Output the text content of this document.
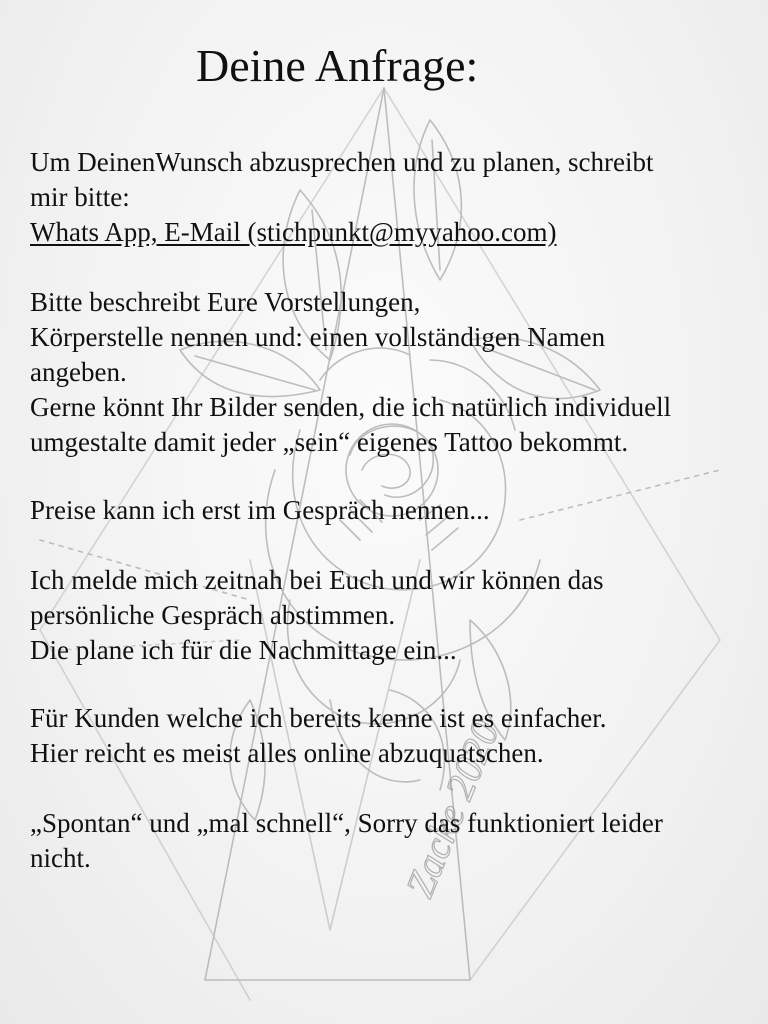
Zacke 2020
Deine Anfrage:

Um DeinenWunsch abzusprechen und zu planen, schreibt
mir bitte:
Whats App, E-Mail (stichpunkt@myyahoo.com)

Bitte beschreibt Eure Vorstellungen,
Körperstelle nennen und: einen vollständigen Namen
angeben.
Gerne könnt Ihr Bilder senden, die ich natürlich individuell
umgestalte damit jeder „sein“ eigenes Tattoo bekommt.

Preise kann ich erst im Gespräch nennen...

Ich melde mich zeitnah bei Euch und wir können das
persönliche Gespräch abstimmen.
Die plane ich für die Nachmittage ein...

Für Kunden welche ich bereits kenne ist es einfacher.
Hier reicht es meist alles online abzuquatschen.

„Spontan“ und „mal schnell“, Sorry das funktioniert leider
nicht.
